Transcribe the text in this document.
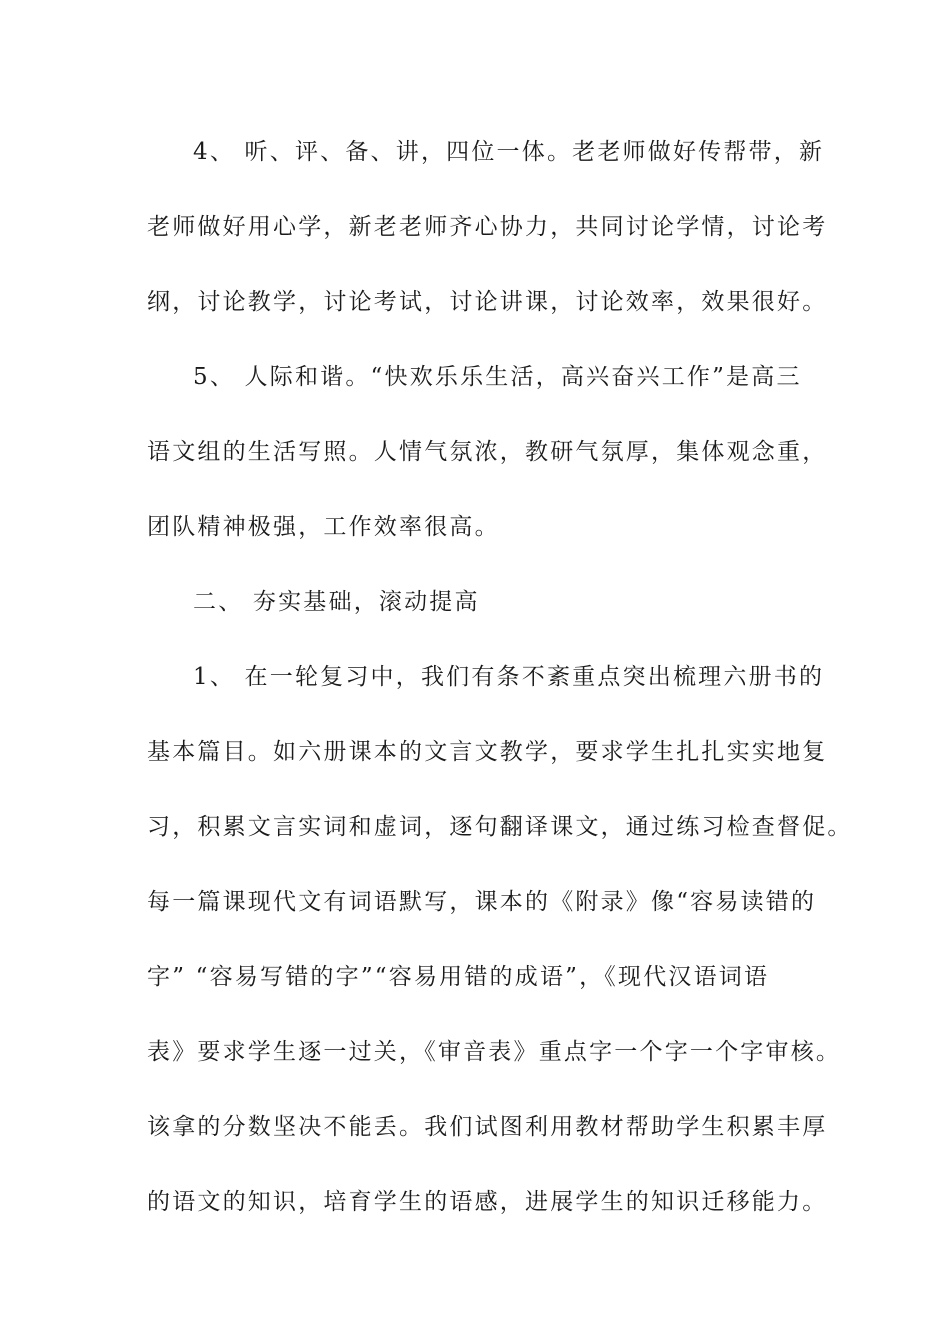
4、 听、评、备、讲，四位一体。老老师做好传帮带，新

老师做好用心学，新老老师齐心协力，共同讨论学情，讨论考

纲，讨论教学，讨论考试，讨论讲课，讨论效率，效果很好。

5、 人际和谐。“快欢乐乐生活，高兴奋兴工作”是高三

语文组的生活写照。人情气氛浓，教研气氛厚，集体观念重，

团队精神极强，工作效率很高。

二、 夯实基础，滚动提高

1、 在一轮复习中，我们有条不紊重点突出梳理六册书的

基本篇目。如六册课本的文言文教学，要求学生扎扎实实地复

习，积累文言实词和虚词，逐句翻译课文，通过练习检查督促。

每一篇课现代文有词语默写，课本的《附录》像“容易读错的

字” “容易写错的字”“容易用错的成语”，《现代汉语词语

表》要求学生逐一过关，《审音表》重点字一个字一个字审核。

该拿的分数坚决不能丢。我们试图利用教材帮助学生积累丰厚

的语文的知识，培育学生的语感，进展学生的知识迁移能力。
